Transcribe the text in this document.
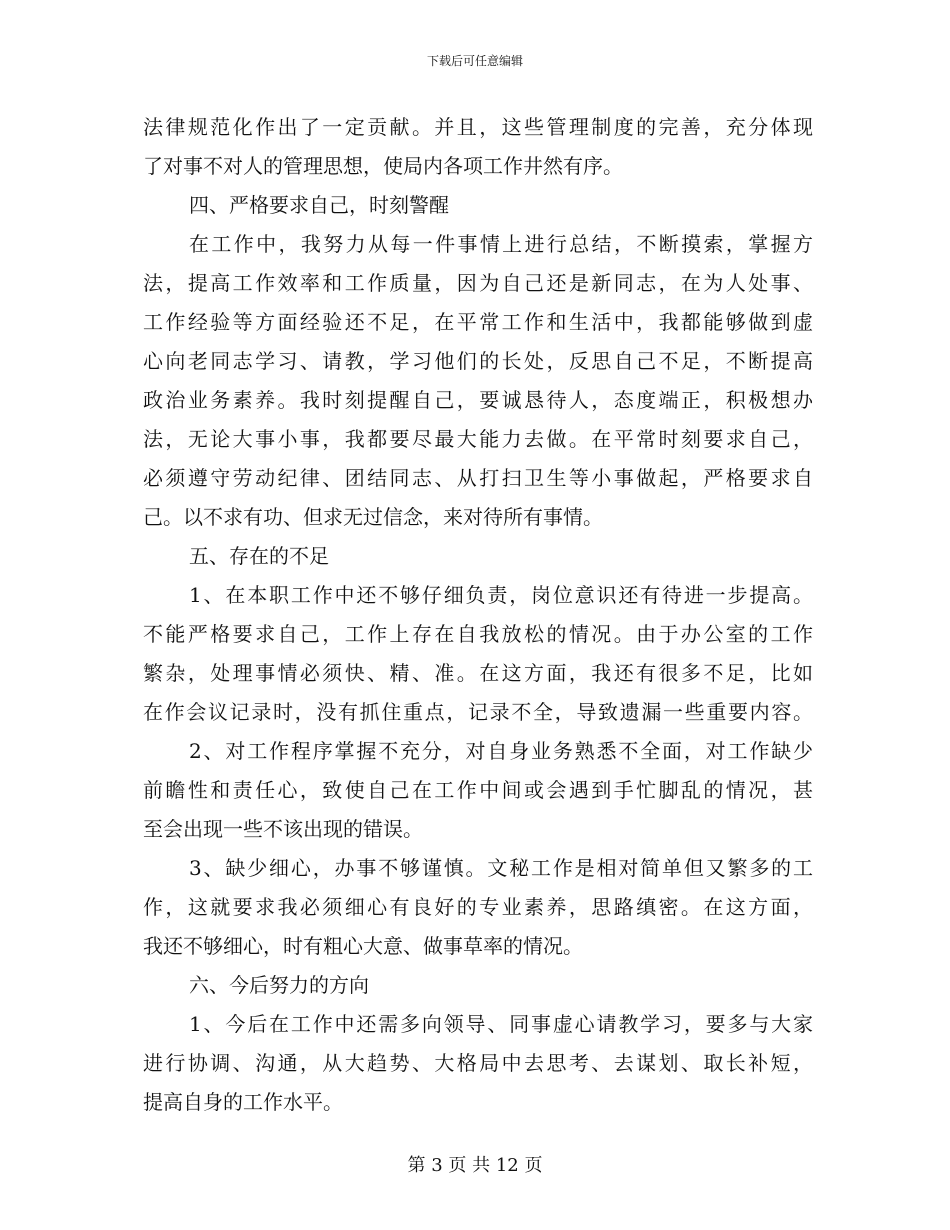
下载后可任意编辑
法律规范化作出了一定贡献。并且，这些管理制度的完善，充分体现
了对事不对人的管理思想，使局内各项工作井然有序。
四、严格要求自己，时刻警醒
在工作中，我努力从每一件事情上进行总结，不断摸索，掌握方
法，提高工作效率和工作质量，因为自己还是新同志，在为人处事、
工作经验等方面经验还不足，在平常工作和生活中，我都能够做到虚
心向老同志学习、请教，学习他们的长处，反思自己不足，不断提高
政治业务素养。我时刻提醒自己，要诚恳待人，态度端正，积极想办
法，无论大事小事，我都要尽最大能力去做。在平常时刻要求自己，
必须遵守劳动纪律、团结同志、从打扫卫生等小事做起，严格要求自
己。以不求有功、但求无过信念，来对待所有事情。
五、存在的不足
1、在本职工作中还不够仔细负责，岗位意识还有待进一步提高。
不能严格要求自己，工作上存在自我放松的情况。由于办公室的工作
繁杂，处理事情必须快、精、准。在这方面，我还有很多不足，比如
在作会议记录时，没有抓住重点，记录不全，导致遗漏一些重要内容。
2、对工作程序掌握不充分，对自身业务熟悉不全面，对工作缺少
前瞻性和责任心，致使自己在工作中间或会遇到手忙脚乱的情况，甚
至会出现一些不该出现的错误。
3、缺少细心，办事不够谨慎。文秘工作是相对简单但又繁多的工
作，这就要求我必须细心有良好的专业素养，思路缜密。在这方面，
我还不够细心，时有粗心大意、做事草率的情况。
六、今后努力的方向
1、今后在工作中还需多向领导、同事虚心请教学习，要多与大家
进行协调、沟通，从大趋势、大格局中去思考、去谋划、取长补短，
提高自身的工作水平。
第 3 页 共 12 页
